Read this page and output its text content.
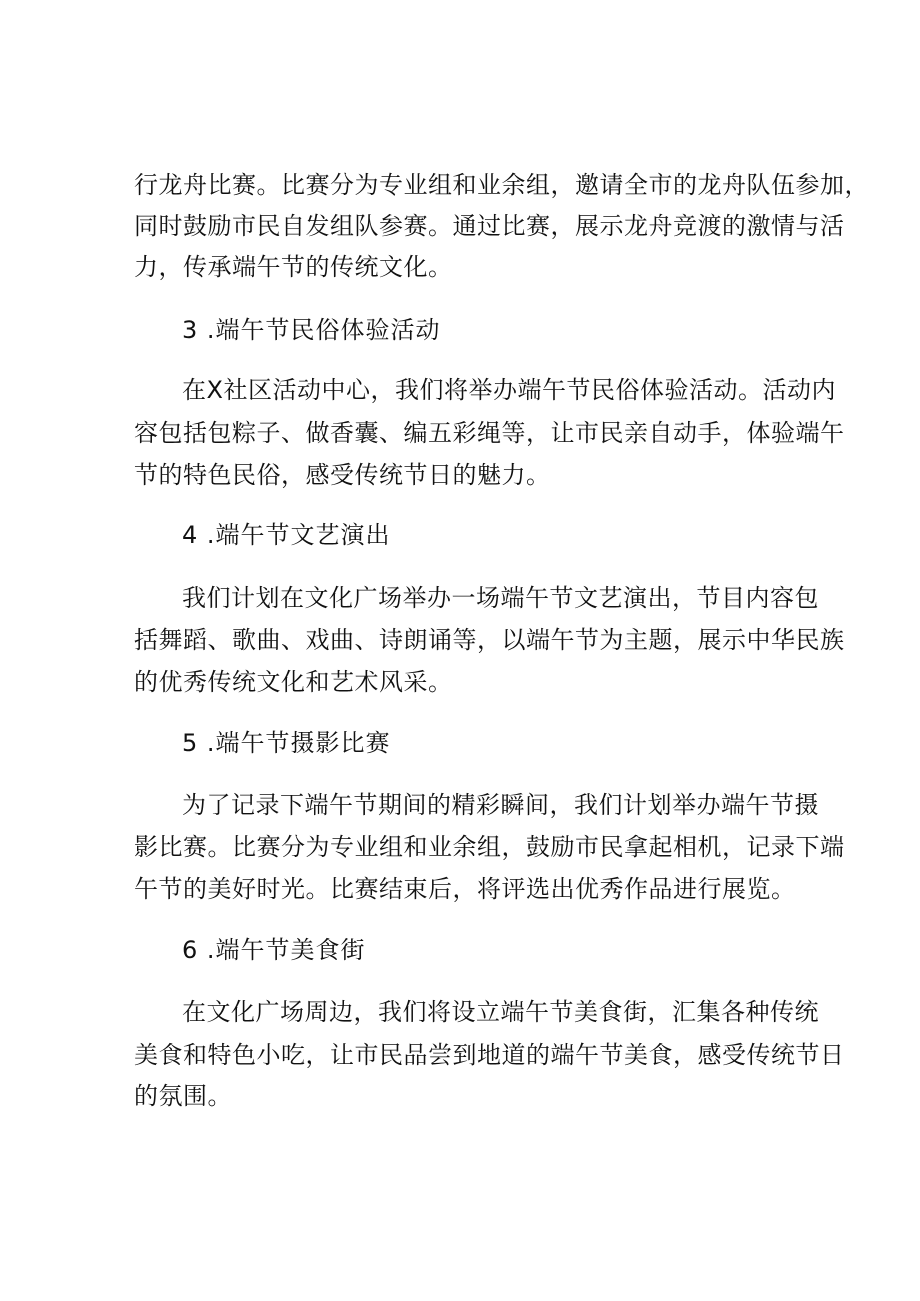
行龙舟比赛。比赛分为专业组和业余组，邀请全市的龙舟队伍参加，
同时鼓励市民自发组队参赛。通过比赛，展示龙舟竞渡的激情与活
力，传承端午节的传统文化。
3 .端午节民俗体验活动
在X社区活动中心，我们将举办端午节民俗体验活动。活动内
容包括包粽子、做香囊、编五彩绳等，让市民亲自动手，体验端午
节的特色民俗，感受传统节日的魅力。
4 .端午节文艺演出
我们计划在文化广场举办一场端午节文艺演出，节目内容包
括舞蹈、歌曲、戏曲、诗朗诵等，以端午节为主题，展示中华民族
的优秀传统文化和艺术风采。
5 .端午节摄影比赛
为了记录下端午节期间的精彩瞬间，我们计划举办端午节摄
影比赛。比赛分为专业组和业余组，鼓励市民拿起相机，记录下端
午节的美好时光。比赛结束后，将评选出优秀作品进行展览。
6 .端午节美食街
在文化广场周边，我们将设立端午节美食街，汇集各种传统
美食和特色小吃，让市民品尝到地道的端午节美食，感受传统节日
的氛围。
